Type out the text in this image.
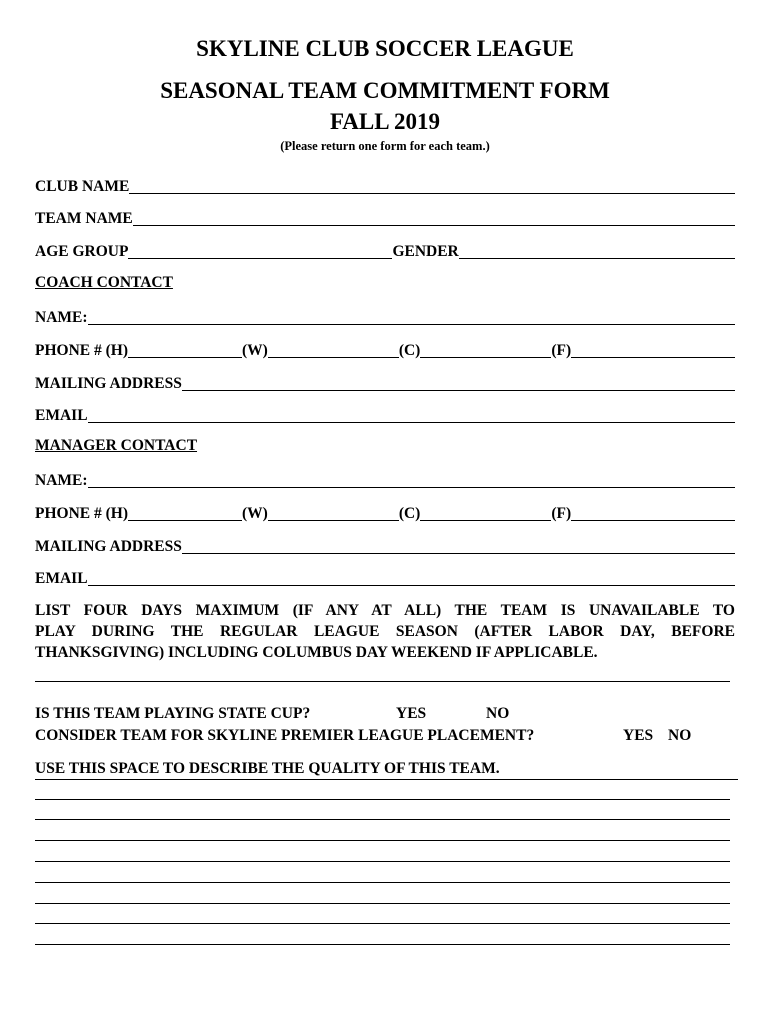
SKYLINE CLUB SOCCER LEAGUE
SEASONAL TEAM COMMITMENT FORM
FALL 2019
(Please return one form for each team.)
CLUB NAME
TEAM NAME
AGE GROUP	GENDER
COACH CONTACT
NAME:
PHONE # (H)	(W)	(C)	(F)
MAILING ADDRESS
EMAIL
MANAGER CONTACT
NAME:
PHONE # (H)	(W)	(C)	(F)
MAILING ADDRESS
EMAIL
LIST FOUR DAYS MAXIMUM (IF ANY AT ALL) THE TEAM IS UNAVAILABLE TO
PLAY DURING THE REGULAR LEAGUE SEASON (AFTER LABOR DAY, BEFORE
THANKSGIVING) INCLUDING COLUMBUS DAY WEEKEND IF APPLICABLE.
IS THIS TEAM PLAYING STATE CUP?	YES	NO
CONSIDER TEAM FOR SKYLINE PREMIER LEAGUE PLACEMENT?	YES NO
USE THIS SPACE TO DESCRIBE THE QUALITY OF THIS TEAM.
